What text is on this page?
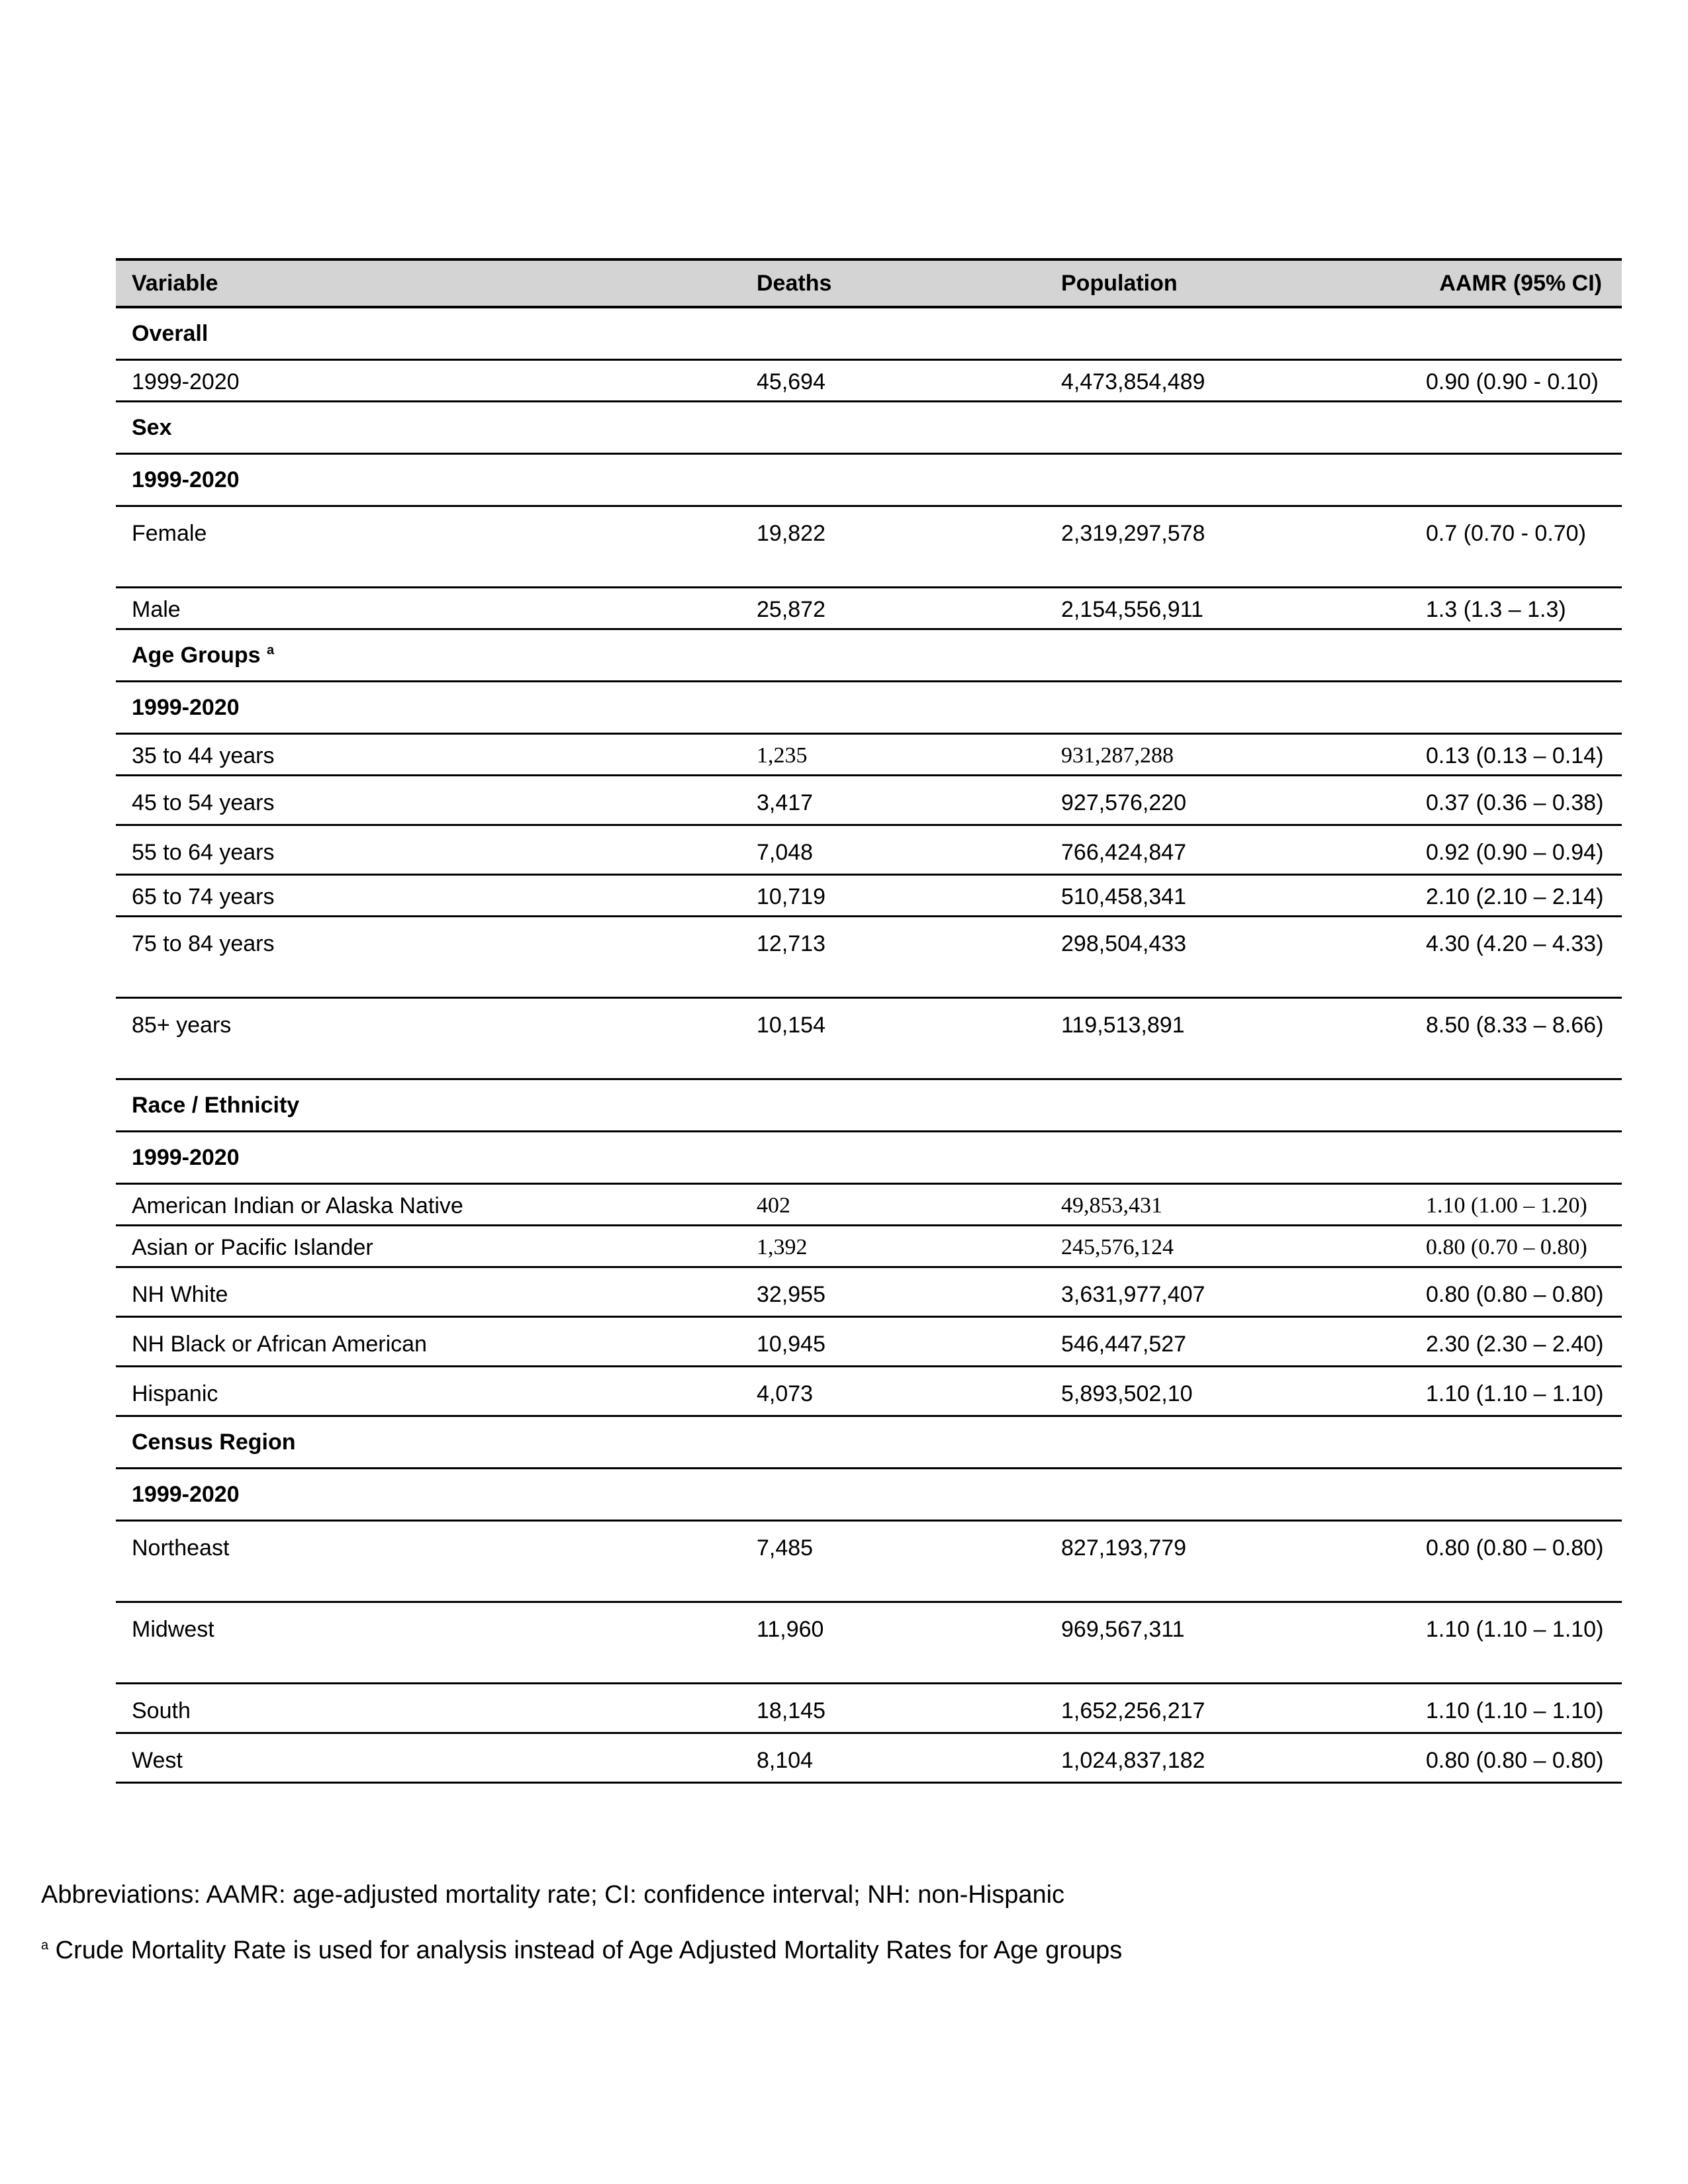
Variable	Deaths	Population	AAMR (95% CI)
Overall			
1999-2020	45,694	4,473,854,489	0.90 (0.90 - 0.10)
Sex			
1999-2020			
Female	19,822	2,319,297,578	0.7 (0.70 - 0.70)
Male	25,872	2,154,556,911	1.3 (1.3 – 1.3)
Age Groups $^a$
1999-2020			
35 to 44 years	1,235	931,287,288	0.13 (0.13 – 0.14)
45 to 54 years	3,417	927,576,220	0.37 (0.36 – 0.38)
55 to 64 years	7,048	766,424,847	0.92 (0.90 – 0.94)
65 to 74 years	10,719	510,458,341	2.10 (2.10 – 2.14)
75 to 84 years	12,713	298,504,433	4.30 (4.20 – 4.33)
85+ years	10,154	119,513,891	8.50 (8.33 – 8.66)
Race / Ethnicity			
1999-2020			
American Indian or Alaska Native	402	49,853,431	1.10 (1.00 – 1.20)
Asian or Pacific Islander	1,392	245,576,124	0.80 (0.70 – 0.80)
NH White	32,955	3,631,977,407	0.80 (0.80 – 0.80)
NH Black or African American	10,945	546,447,527	2.30 (2.30 – 2.40)
Hispanic	4,073	5,893,502,10	1.10 (1.10 – 1.10)
Census Region			
1999-2020			
Northeast	7,485	827,193,779	0.80 (0.80 – 0.80)
Midwest	11,960	969,567,311	1.10 (1.10 – 1.10)
South	18,145	1,652,256,217	1.10 (1.10 – 1.10)
West	8,104	1,024,837,182	0.80 (0.80 – 0.80)

Abbreviations: AAMR: age-adjusted mortality rate; CI: confidence interval; NH: non-Hispanic

$^a$ Crude Mortality Rate is used for analysis instead of Age Adjusted Mortality Rates for Age groups
